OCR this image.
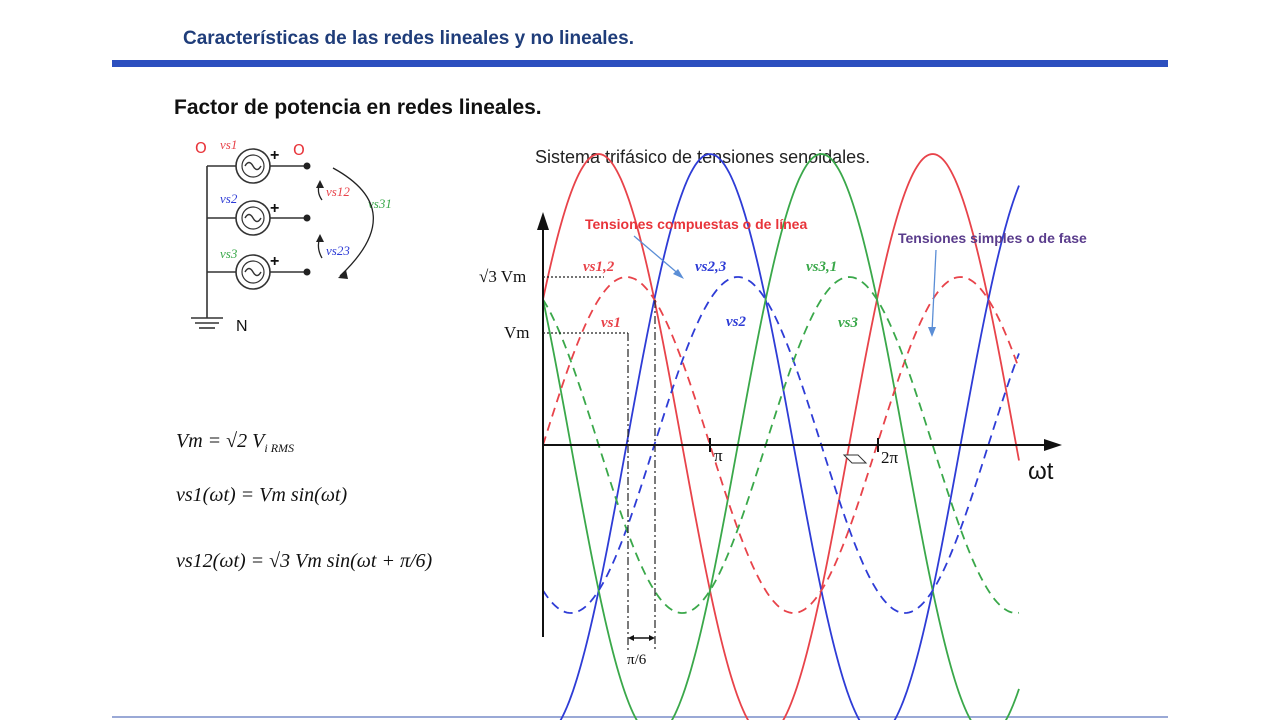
Características de las redes lineales y no lineales.
Factor de potencia en redes lineales.
Sistema trifásico de tensiones senoidales.
Vm = √2 $V_{i RMS}$
vs1(ωt) = Vm sin(ωt)
vs12(ωt) = √3 Vm sin(ωt + π/6)
+
+
+
N
vs1
vs2
vs3
vs12
vs23
vs31
O	O
π	2π
√3 Vm
Vm
π/6
ωt
vs1,2	vs2,3	vs3,1
vs1	vs2	vs3
Tensiones compuestas o de línea
Tensiones simples o de fase
